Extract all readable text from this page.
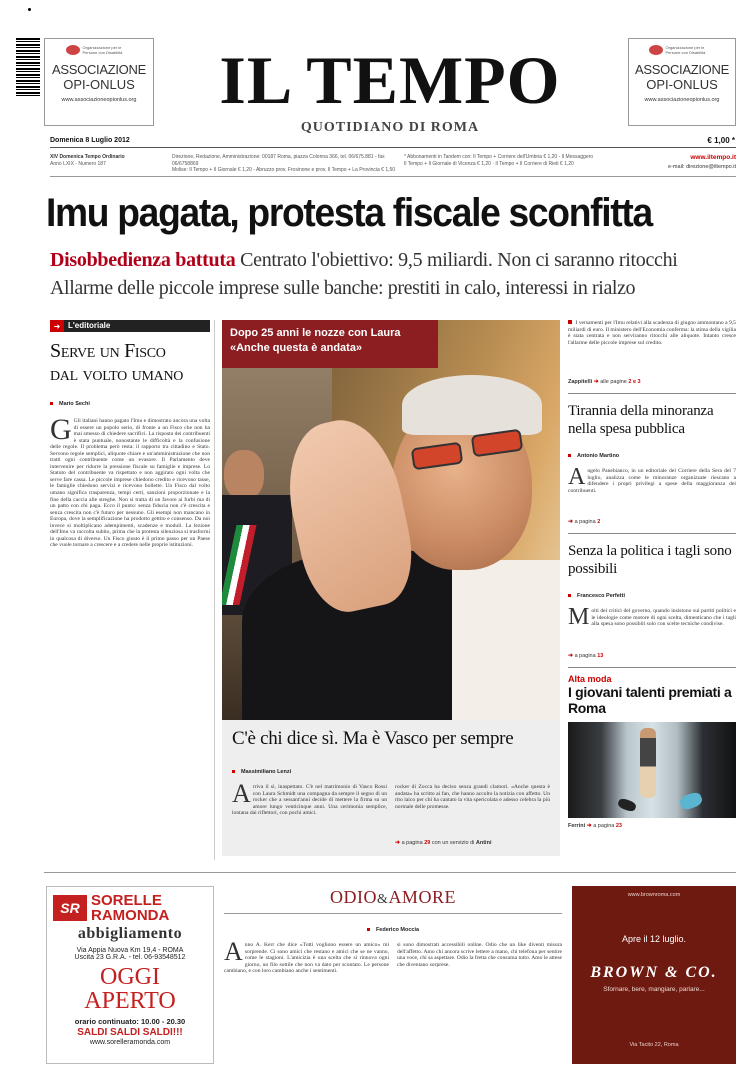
Organizzazione per le Persone con Disabilità
ASSOCIAZIONE
OPI-ONLUS
www.associazioneopionlus.org
Organizzazione per le Persone con Disabilità
ASSOCIAZIONE
OPI-ONLUS
www.associazioneopionlus.org
IL TEMPO
QUOTIDIANO DI ROMA
Domenica 8 Luglio 2012	€ 1,00 *
XIV Domenica Tempo Ordinario
Anno LXIX - Numero 187
Direzione, Redazione, Amministrazione: 00187 Roma, piazza Colonna 366, tel. 06/675.881 - fax 06/6758869
Molise: Il Tempo + Il Giornale € 1,20 - Abruzzo prov. Frosinone e prov. Il Tempo + La Provincia € 1,50
* Abbonamenti in Tandem con: Il Tempo + Corriere dell'Umbria € 1,20 - Il Messaggero
Il Tempo + Il Giornale di Vicenza € 1,20 · Il Tempo + Il Corriere di Rieti € 1,20
www.iltempo.it
e-mail: direzione@iltempo.it
Imu pagata, protesta fiscale sconfitta
Disobbedienza battuta Centrato l'obiettivo: 9,5 miliardi. Non ci saranno ritocchi
Allarme delle piccole imprese sulle banche: prestiti in calo, interessi in rialzo
➜ L'editoriale
Serve un Fisco
dal volto umano
Mario Sechi
G Gli italiani hanno pagato l'Imu e dimostrato ancora una volta di essere un popolo serio, di fronte a un Fisco che non ha mai smesso di chiedere sacrifici. La risposta dei contribuenti è stata puntuale, nonostante le difficoltà e la confusione delle regole. Il problema però resta: il rapporto tra cittadino e Stato. Servono regole semplici, aliquote chiare e un'amministrazione che non tratti ogni contribuente come un evasore. Il Parlamento deve intervenire per ridurre la pressione fiscale su famiglie e imprese. Lo Statuto del contribuente va rispettato e non aggirato ogni volta che serve fare cassa. Le piccole imprese chiedono credito e ricevono tasse, le famiglie chiedono servizi e ricevono bollette. Un Fisco dal volto umano significa trasparenza, tempi certi, sanzioni proporzionate e la fine della caccia alle streghe. Non si tratta di un favore ai furbi ma di un patto con chi paga. Ecco il punto: senza fiducia non c'è crescita e senza crescita non c'è futuro per nessuno. Gli esempi non mancano in Europa, dove la semplificazione ha prodotto gettito e consenso. Da noi invece si moltiplicano adempimenti, scadenze e moduli. La lezione dell'Imu va raccolta subito, prima che la protesta silenziosa si trasformi in qualcosa di diverso. Un Fisco giusto è il primo passo per un Paese che vuole tornare a crescere e a credere nelle proprie istituzioni.
Dopo 25 anni le nozze con Laura
«Anche questa è andata»
C'è chi dice sì. Ma è Vasco per sempre
Massimiliano Lenzi
A rriva il sì, inaspettato. C'è nel matrimonio di Vasco Rossi con Laura Schmidt una compagna da sempre il segno di un rocker che a sessant'anni decide di mettere la firma su un amore lungo venticinque anni. Una cerimonia semplice, lontana dai riflettori, con pochi amici.
rocker di Zocca ha deciso senza grandi clamori. «Anche questa è andata» ha scritto ai fan, che hanno accolto la notizia con affetto. Un rito laico per chi ha cantato la vita spericolata e adesso celebra la più normale delle promesse.
➜ a pagina 29 con un servizio di Antini
I versamenti per l'Imu relativi alla scadenza di giugno ammontano a 9,5 miliardi di euro. Il ministero dell'Economia conferma: la stima della vigilia è stata centrata e non serviranno ritocchi alle aliquote. Intanto cresce l'allarme delle piccole imprese sul credito.
Zappitelli ➜ alle pagine 2 e 3
Tirannia della minoranza nella spesa pubblica
Antonio Martino
A ngelo Panebianco, in un editoriale del Corriere della Sera del 7 luglio, analizza come le minoranze organizzate riescano a difendere i propri privilegi a spese della maggioranza dei contribuenti.
➜ a pagina 2
Senza la politica i tagli sono possibili
Francesco Perfetti
M olti dei critici del governo, quando insistono sui partiti politici e le ideologie come motore di ogni scelta, dimenticano che i tagli alla spesa sono possibili solo con scelte tecniche condivise.
➜ a pagina 13
Alta moda
I giovani talenti premiati a Roma
Ferrini ➜ a pagina 23
SR SORELLE
RAMONDA
abbigliamento
Via Appia Nuova Km 19,4 - ROMA
Uscita 23 G.R.A. - tel. 06-93548512
OGGI
APERTO
orario continuato: 10.00 - 20.30
SALDI SALDI SALDI!!!
www.sorelleramonda.com
ODIO&AMORE
Federico Moccia
A nno A. Kerr che dice «Tutti vogliono essere un amico» mi sorprende. Ci sono amici che restano e amici che se ne vanno, come le stagioni. L'amicizia è una scelta che si rinnova ogni giorno, un filo sottile che non va dato per scontato. Le persone cambiano, e con loro cambiano anche i sentimenti.
si sono dimostrati accessibili online. Odio che un like diventi misura dell'affetto. Amo chi ancora scrive lettere a mano, chi telefona per sentire una voce, chi sa aspettare. Odio la fretta che consuma tutto. Amo le attese che diventano sorprese.
www.brownroma.com
Apre il 12 luglio.
BROWN & CO.
Sfornare, bere, mangiare, parlare...
Via Tacito 22, Roma
